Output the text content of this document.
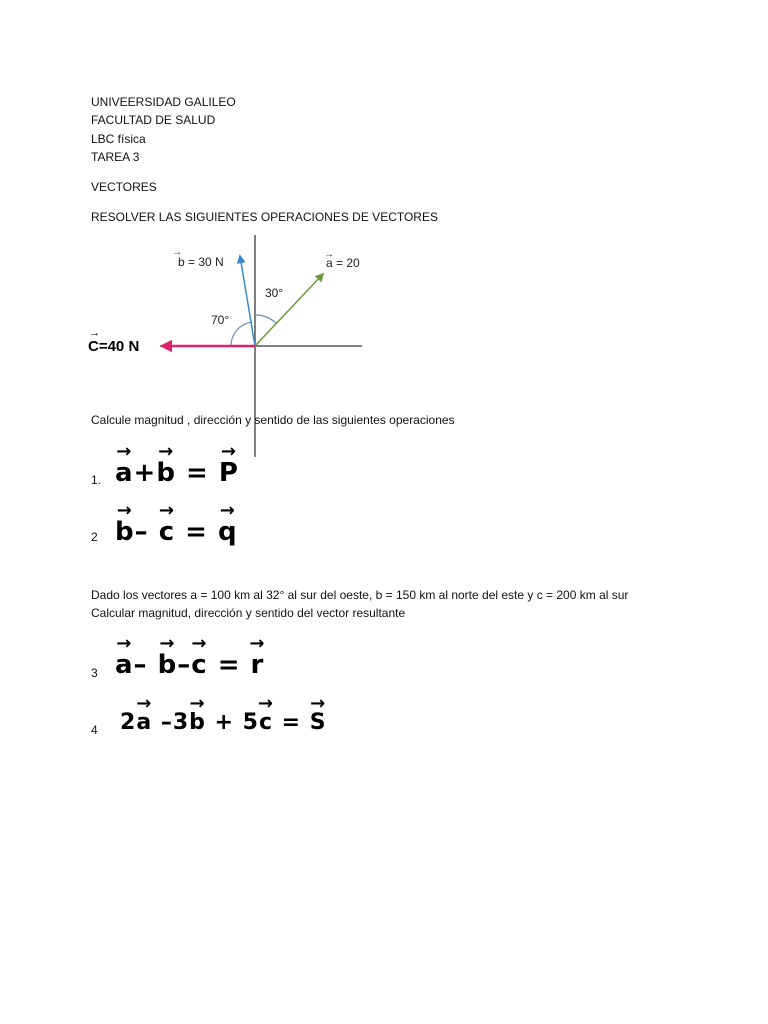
UNIVEERSIDAD GALILEO
FACULTAD DE SALUD
LBC física
TAREA 3
VECTORES
RESOLVER LAS SIGUIENTES OPERACIONES DE VECTORES
b = 30 N
→
a = 20
→
30°
70°
C=40 N
→
Calcule magnitud , dirección y sentido de las siguientes operaciones
1. → a+→ b = → P
2 → b– → c = → q
Dado los vectores a = 100 km al 32° al sur del oeste, b = 150 km al norte del este y c = 200 km al sur
Calcular magnitud, dirección y sentido del vector resultante
3 → a– → b–→ c = → r
4 2→ a –3→ b + 5→ c = → S
